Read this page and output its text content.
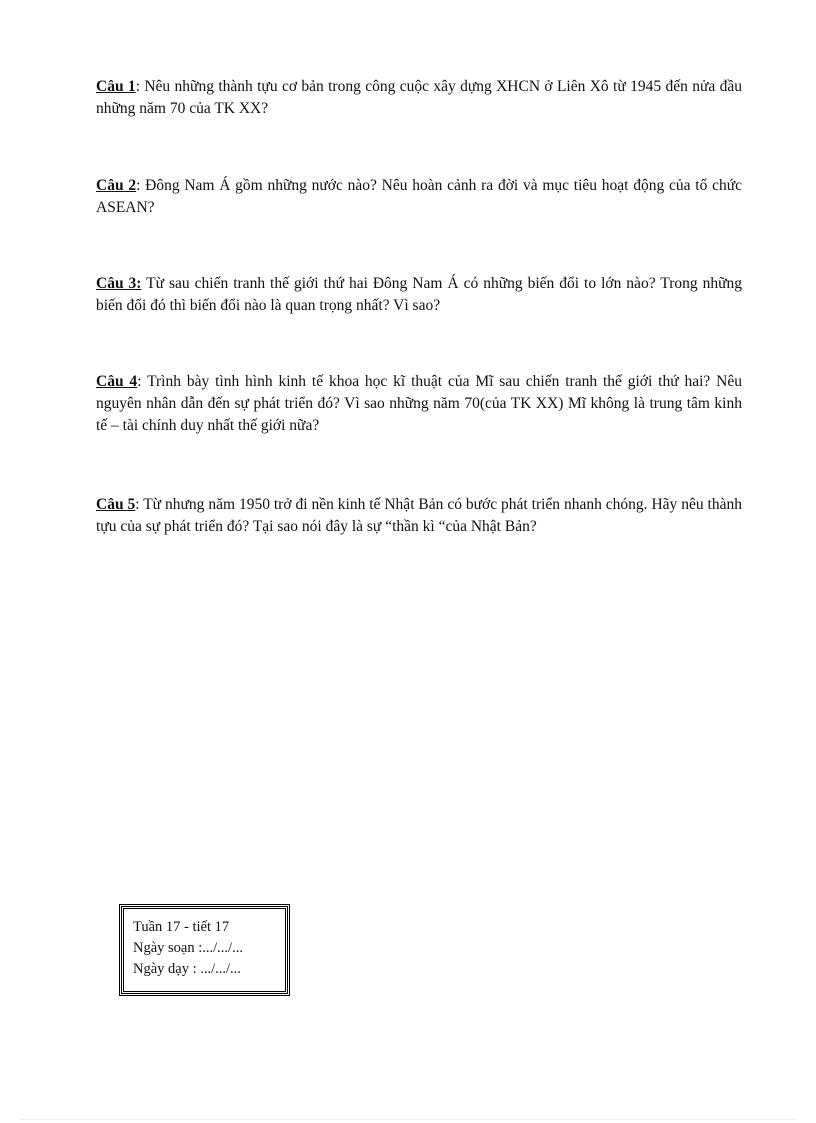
Câu 1: Nêu những thành tựu cơ bản trong công cuộc xây dựng XHCN ở Liên Xô từ 1945 đến nửa đầu những năm 70 của TK XX?

Câu 2: Đông Nam Á gồm những nước nào? Nêu hoàn cảnh ra đời và mục tiêu hoạt động của tổ chức ASEAN?

Câu 3: Từ sau chiến tranh thế giới thứ hai Đông Nam Á có những biến đổi to lớn nào? Trong những biến đổi đó thì biến đổi nào là quan trọng nhất? Vì sao?

Câu 4: Trình bày tình hình kinh tế khoa học kĩ thuật của Mĩ sau chiến tranh thế giới thứ hai? Nêu nguyên nhân dẫn đến sự phát triển đó? Vì sao những năm 70(của TK XX) Mĩ không là trung tâm kinh tế – tài chính duy nhất thế giới nữa?

Câu 5: Từ nhưng năm 1950 trở đi nền kinh tế Nhật Bản có bước phát triển nhanh chóng. Hãy nêu thành tựu của sự phát triển đó? Tại sao nói đây là sự “thần kì “của Nhật Bản?

Tuần 17 - tiết 17
Ngày soạn :.../.../...
Ngày dạy : .../.../...
